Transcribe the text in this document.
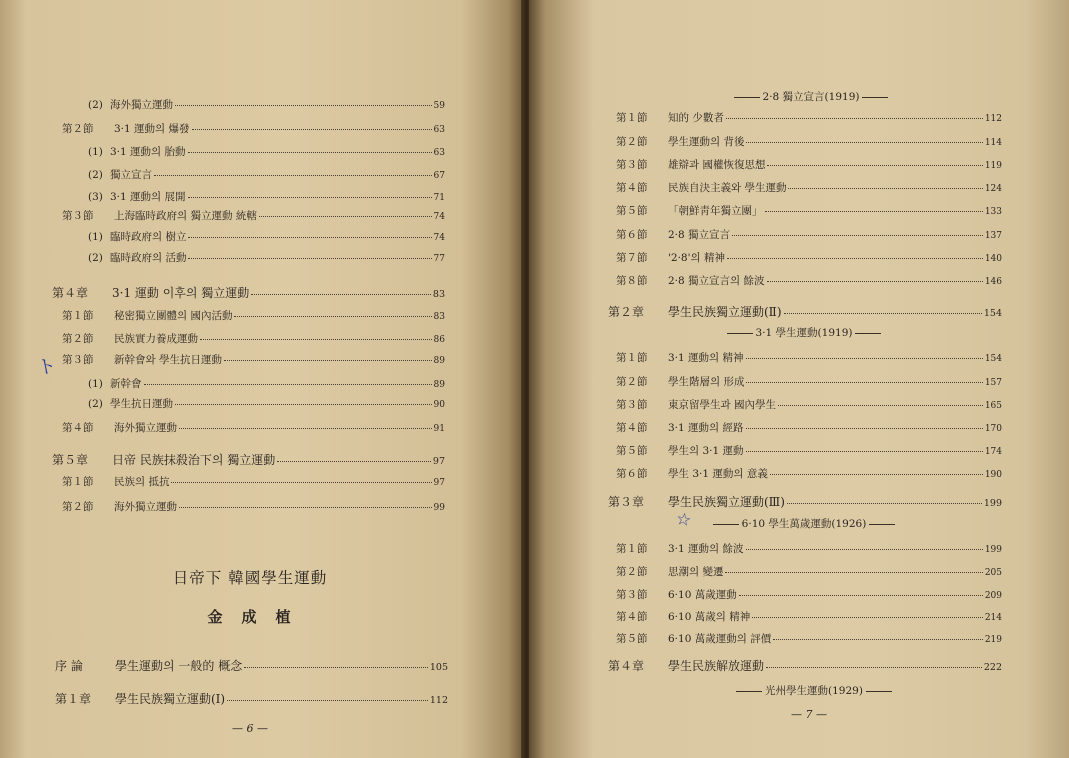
(2) 海外獨立運動	59
第２節	3·1 運動의 爆發	63
(1) 3·1 運動의 胎動	63
(2) 獨立宣言	67
(3) 3·1 運動의 展開	71
第３節	上海臨時政府의 獨立運動 統轄	74
(1) 臨時政府의 樹立	74
(2) 臨時政府의 活動	77
第４章	3·1 運動 이후의 獨立運動	83
第１節	秘密獨立團體의 國內活動	83
第２節	民族實力養成運動	86
第３節	新幹會와 學生抗日運動	89
(1) 新幹會	89
(2) 學生抗日運動	90
第４節	海外獨立運動	91
第５章	日帝 民族抹殺治下의 獨立運動	97
第１節	民族의 抵抗	97
第２節	海外獨立運動	99
序 論	學生運動의 一般的 概念	105
第１章	學生民族獨立運動(Ⅰ)	112
日帝下 韓國學生運動
金　成　植
— 6 —
ト
第１節	知的 少數者	112
第２節	學生運動의 背後	114
第３節	雄辯과 國權恢復思想	119
第４節	民族自決主義와 學生運動	124
第５節	「朝鮮靑年獨立團」	133
第６節	2·8 獨立宣言	137
第７節	'2·8'의 精神	140
第８節	2·8 獨立宣言의 餘波	146
第２章	學生民族獨立運動(Ⅱ)	154
第１節	3·1 運動의 精神	154
第２節	學生階層의 形成	157
第３節	東京留學生과 國內學生	165
第４節	3·1 運動의 經路	170
第５節	學生의 3·1 運動	174
第６節	學生 3·1 運動의 意義	190
第３章	學生民族獨立運動(Ⅲ)	199
第１節	3·1 運動의 餘波	199
第２節	思潮의 變遷	205
第３節	6·10 萬歲運動	209
第４節	6·10 萬歲의 精神	214
第５節	6·10 萬歲運動의 評價	219
第４章	學生民族解放運動	222
2·8 獨立宣言(1919)
3·1 學生運動(1919)
6·10 學生萬歲運動(1926)
光州學生運動(1929)
☆
— 7 —
